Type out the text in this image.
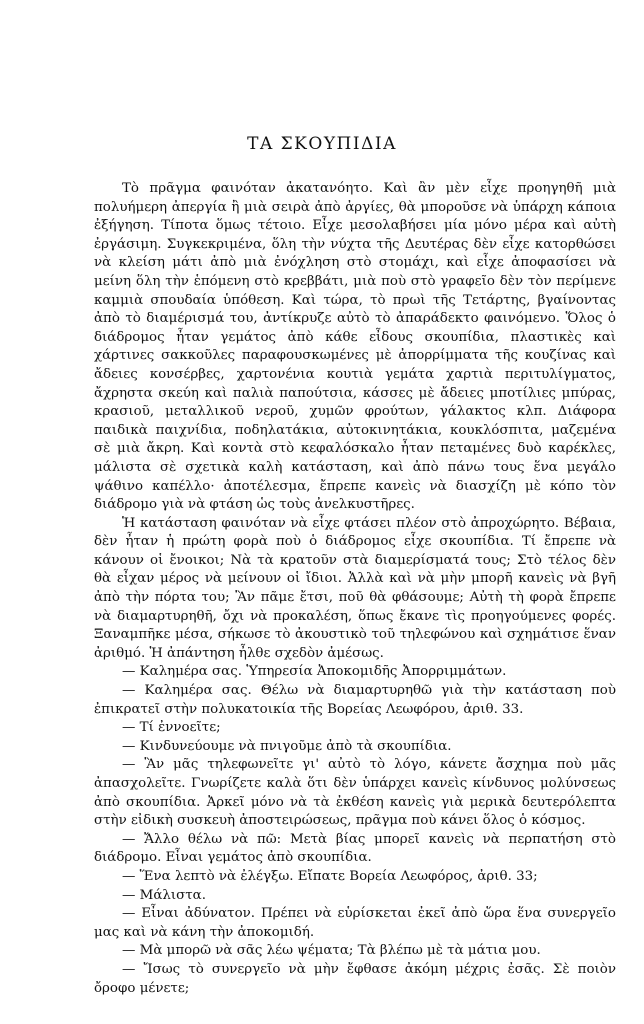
ΤΑ ΣΚΟΥΠΙΔΙΑ

Τὸ πρᾶγμα φαινόταν ἀκατανόητο. Καὶ ἂν μὲν εἶχε προηγηθῆ μιὰ πολυήμερη ἀπεργία ἢ μιὰ σειρὰ ἀπὸ ἀργίες, θὰ μποροῦσε νὰ ὑπάρχη κάποια ἐξήγηση. Τίποτα ὅμως τέτοιο. Εἶχε μεσολαβήσει μία μόνο μέρα καὶ αὐτὴ ἐργάσιμη. Συγκεκριμένα, ὅλη τὴν νύχτα τῆς Δευτέρας δὲν εἶχε κατορθώσει νὰ κλείση μάτι ἀπὸ μιὰ ἐνόχληση στὸ στομάχι, καὶ εἶχε ἀποφασίσει νὰ μείνη ὅλη τὴν ἑπόμενη στὸ κρεββάτι, μιὰ ποὺ στὸ γραφεῖο δὲν τὸν περίμενε καμμιὰ σπουδαία ὑπόθεση. Καὶ τώρα, τὸ πρωὶ τῆς Τετάρτης, βγαίνοντας ἀπὸ τὸ διαμέρισμά του, ἀντίκρυζε αὐτὸ τὸ ἀπαράδεκτο φαινόμενο. Ὅλος ὁ διάδρομος ἦταν γεμάτος ἀπὸ κάθε εἶδους σκουπίδια, πλαστικὲς καὶ χάρτινες σακκοῦλες παραφουσκωμένες μὲ ἀπορρίμματα τῆς κουζίνας καὶ ἄδειες κονσέρβες, χαρτονένια κουτιὰ γεμάτα χαρτιὰ περιτυλίγματος, ἄχρηστα σκεύη καὶ παλιὰ παπούτσια, κάσσες μὲ ἄδειες μποτίλιες μπύρας, κρασιοῦ, μεταλλικοῦ νεροῦ, χυμῶν φρούτων, γάλακτος κλπ. Διάφορα παιδικὰ παιχνίδια, ποδηλατάκια, αὐτοκινητάκια, κουκλόσπιτα, μαζεμένα σὲ μιὰ ἄκρη. Καὶ κοντὰ στὸ κεφαλόσκαλο ἦταν πεταμένες δυὸ καρέκλες, μάλιστα σὲ σχετικὰ καλὴ κατάσταση, καὶ ἀπὸ πάνω τους ἕνα μεγάλο ψάθινο καπέλλο· ἀποτέλεσμα, ἔπρεπε κανεὶς νὰ διασχίζη μὲ κόπο τὸν διάδρομο γιὰ νὰ φτάση ὡς τοὺς ἀνελκυστῆρες.

Ἡ κατάσταση φαινόταν νὰ εἶχε φτάσει πλέον στὸ ἀπροχώρητο. Βέβαια, δὲν ἦταν ἡ πρώτη φορὰ ποὺ ὁ διάδρομος εἶχε σκουπίδια. Τί ἔπρεπε νὰ κάνουν οἱ ἔνοικοι; Νὰ τὰ κρατοῦν στὰ διαμερίσματά τους; Στὸ τέλος δὲν θὰ εἶχαν μέρος νὰ μείνουν οἱ ἴδιοι. Ἀλλὰ καὶ νὰ μὴν μπορῆ κανεὶς νὰ βγῆ ἀπὸ τὴν πόρτα του; Ἂν πᾶμε ἔτσι, ποῦ θὰ φθάσουμε; Αὐτὴ τὴ φορὰ ἔπρεπε νὰ διαμαρτυρηθῆ, ὄχι νὰ προκαλέση, ὅπως ἔκανε τὶς προηγούμενες φορές. Ξαναμπῆκε μέσα, σήκωσε τὸ ἀκουστικὸ τοῦ τηλεφώνου καὶ σχημάτισε ἕναν ἀριθμό. Ἡ ἀπάντηση ἦλθε σχεδὸν ἀμέσως.

— Καλημέρα σας. Ὑπηρεσία Ἀποκομιδῆς Ἀπορριμμάτων.

— Καλημέρα σας. Θέλω νὰ διαμαρτυρηθῶ γιὰ τὴν κατάσταση ποὺ ἐπικρατεῖ στὴν πολυκατοικία τῆς Βορείας Λεωφόρου, ἀριθ. 33.

— Τί ἐννοεῖτε;

— Κινδυνεύουμε νὰ πνιγοῦμε ἀπὸ τὰ σκουπίδια.

— Ἂν μᾶς τηλεφωνεῖτε γι' αὐτὸ τὸ λόγο, κάνετε ἄσχημα ποὺ μᾶς ἀπασχολεῖτε. Γνωρίζετε καλὰ ὅτι δὲν ὑπάρχει κανεὶς κίνδυνος μολύνσεως ἀπὸ σκουπίδια. Ἀρκεῖ μόνο νὰ τὰ ἐκθέση κανεὶς γιὰ μερικὰ δευτερόλεπτα στὴν εἰδικὴ συσκευὴ ἀποστειρώσεως, πρᾶγμα ποὺ κάνει ὅλος ὁ κόσμος.

— Ἄλλο θέλω νὰ πῶ: Μετὰ βίας μπορεῖ κανεὶς νὰ περπατήση στὸ διάδρομο. Εἶναι γεμάτος ἀπὸ σκουπίδια.

— Ἕνα λεπτὸ νὰ ἐλέγξω. Εἴπατε Βορεία Λεωφόρος, ἀριθ. 33;

— Μάλιστα.

— Εἶναι ἀδύνατον. Πρέπει νὰ εὑρίσκεται ἐκεῖ ἀπὸ ὥρα ἕνα συνεργεῖο μας καὶ νὰ κάνη τὴν ἀποκομιδή.

— Μὰ μπορῶ νὰ σᾶς λέω ψέματα; Τὰ βλέπω μὲ τὰ μάτια μου.

— Ἴσως τὸ συνεργεῖο νὰ μὴν ἔφθασε ἀκόμη μέχρις ἐσᾶς. Σὲ ποιὸν ὄροφο μένετε;
